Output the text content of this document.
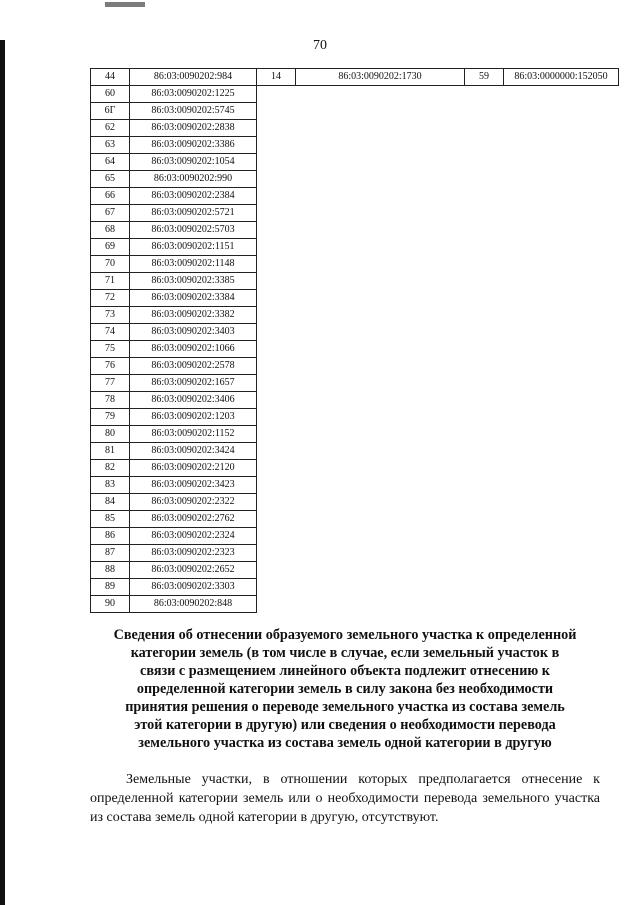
70
44	86:03:0090202:984	14	86:03:0090202:1730	59	86:03:0000000:152050
60	86:03:0090202:1225				
6Г	86:03:0090202:5745				
62	86:03:0090202:2838				
63	86:03:0090202:3386				
64	86:03:0090202:1054				
65	86:03:0090202:990				
66	86:03:0090202:2384				
67	86:03:0090202:5721				
68	86:03:0090202:5703				
69	86:03:0090202:1151				
70	86:03:0090202:1148				
71	86:03:0090202:3385				
72	86:03:0090202:3384				
73	86:03:0090202:3382				
74	86:03:0090202:3403				
75	86:03:0090202:1066				
76	86:03:0090202:2578				
77	86:03:0090202:1657				
78	86:03:0090202:3406				
79	86:03:0090202:1203				
80	86:03:0090202:1152				
81	86:03:0090202:3424				
82	86:03:0090202:2120				
83	86:03:0090202:3423				
84	86:03:0090202:2322				
85	86:03:0090202:2762				
86	86:03:0090202:2324				
87	86:03:0090202:2323				
88	86:03:0090202:2652				
89	86:03:0090202:3303				
90	86:03:0090202:848				
Сведения об отнесении образуемого земельного участка к определенной
категории земель (в том числе в случае, если земельный участок в
связи с размещением линейного объекта подлежит отнесению к
определенной категории земель в силу закона без необходимости
принятия решения о переводе земельного участка из состава земель
этой категории в другую) или сведения о необходимости перевода
земельного участка из состава земель одной категории в другую
Земельные участки, в отношении которых предполагается отнесение к определенной категории земель или о необходимости перевода земельного участка из состава земель одной категории в другую, отсутствуют.
